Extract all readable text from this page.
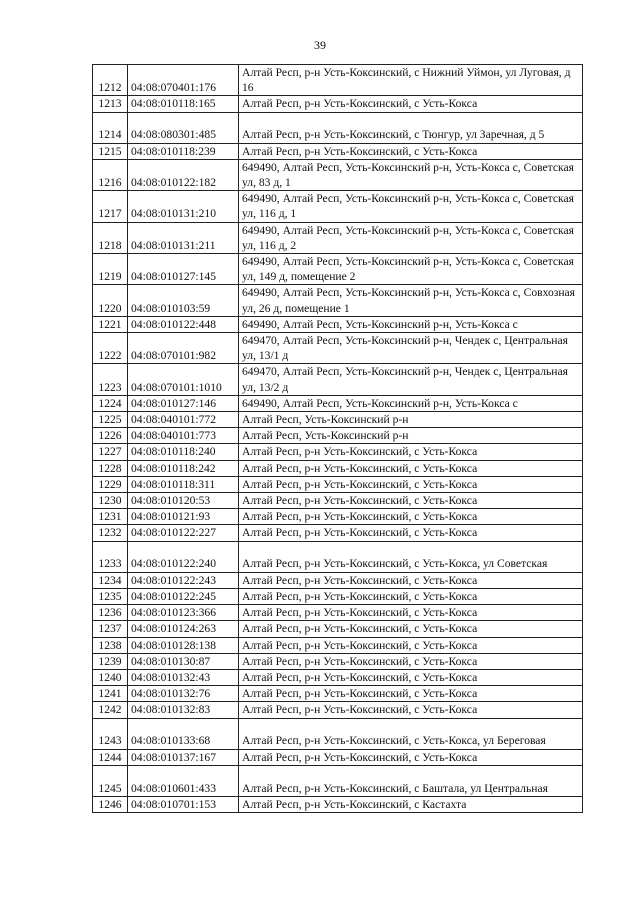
39
1212	04:08:070401:176	Алтай Респ, р-н Усть-Коксинский, с Нижний Уймон, ул Луговая, д 16
1213	04:08:010118:165	Алтай Респ, р-н Усть-Коксинский, с Усть-Кокса
1214	04:08:080301:485	Алтай Респ, р-н Усть-Коксинский, с Тюнгур, ул Заречная, д 5
1215	04:08:010118:239	Алтай Респ, р-н Усть-Коксинский, с Усть-Кокса
1216	04:08:010122:182	649490, Алтай Респ, Усть-Коксинский р-н, Усть-Кокса с, Советская ул, 83 д, 1
1217	04:08:010131:210	649490, Алтай Респ, Усть-Коксинский р-н, Усть-Кокса с, Советская ул, 116 д, 1
1218	04:08:010131:211	649490, Алтай Респ, Усть-Коксинский р-н, Усть-Кокса с, Советская ул, 116 д, 2
1219	04:08:010127:145	649490, Алтай Респ, Усть-Коксинский р-н, Усть-Кокса с, Советская ул, 149 д, помещение 2
1220	04:08:010103:59	649490, Алтай Респ, Усть-Коксинский р-н, Усть-Кокса с, Совхозная ул, 26 д, помещение 1
1221	04:08:010122:448	649490, Алтай Респ, Усть-Коксинский р-н, Усть-Кокса с
1222	04:08:070101:982	649470, Алтай Респ, Усть-Коксинский р-н, Чендек с, Центральная ул, 13/1 д
1223	04:08:070101:1010	649470, Алтай Респ, Усть-Коксинский р-н, Чендек с, Центральная ул, 13/2 д
1224	04:08:010127:146	649490, Алтай Респ, Усть-Коксинский р-н, Усть-Кокса с
1225	04:08:040101:772	Алтай Респ, Усть-Коксинский р-н
1226	04:08:040101:773	Алтай Респ, Усть-Коксинский р-н
1227	04:08:010118:240	Алтай Респ, р-н Усть-Коксинский, с Усть-Кокса
1228	04:08:010118:242	Алтай Респ, р-н Усть-Коксинский, с Усть-Кокса
1229	04:08:010118:311	Алтай Респ, р-н Усть-Коксинский, с Усть-Кокса
1230	04:08:010120:53	Алтай Респ, р-н Усть-Коксинский, с Усть-Кокса
1231	04:08:010121:93	Алтай Респ, р-н Усть-Коксинский, с Усть-Кокса
1232	04:08:010122:227	Алтай Респ, р-н Усть-Коксинский, с Усть-Кокса
1233	04:08:010122:240	Алтай Респ, р-н Усть-Коксинский, с Усть-Кокса, ул Советская
1234	04:08:010122:243	Алтай Респ, р-н Усть-Коксинский, с Усть-Кокса
1235	04:08:010122:245	Алтай Респ, р-н Усть-Коксинский, с Усть-Кокса
1236	04:08:010123:366	Алтай Респ, р-н Усть-Коксинский, с Усть-Кокса
1237	04:08:010124:263	Алтай Респ, р-н Усть-Коксинский, с Усть-Кокса
1238	04:08:010128:138	Алтай Респ, р-н Усть-Коксинский, с Усть-Кокса
1239	04:08:010130:87	Алтай Респ, р-н Усть-Коксинский, с Усть-Кокса
1240	04:08:010132:43	Алтай Респ, р-н Усть-Коксинский, с Усть-Кокса
1241	04:08:010132:76	Алтай Респ, р-н Усть-Коксинский, с Усть-Кокса
1242	04:08:010132:83	Алтай Респ, р-н Усть-Коксинский, с Усть-Кокса
1243	04:08:010133:68	Алтай Респ, р-н Усть-Коксинский, с Усть-Кокса, ул Береговая
1244	04:08:010137:167	Алтай Респ, р-н Усть-Коксинский, с Усть-Кокса
1245	04:08:010601:433	Алтай Респ, р-н Усть-Коксинский, с Баштала, ул Центральная
1246	04:08:010701:153	Алтай Респ, р-н Усть-Коксинский, с Кастахта
